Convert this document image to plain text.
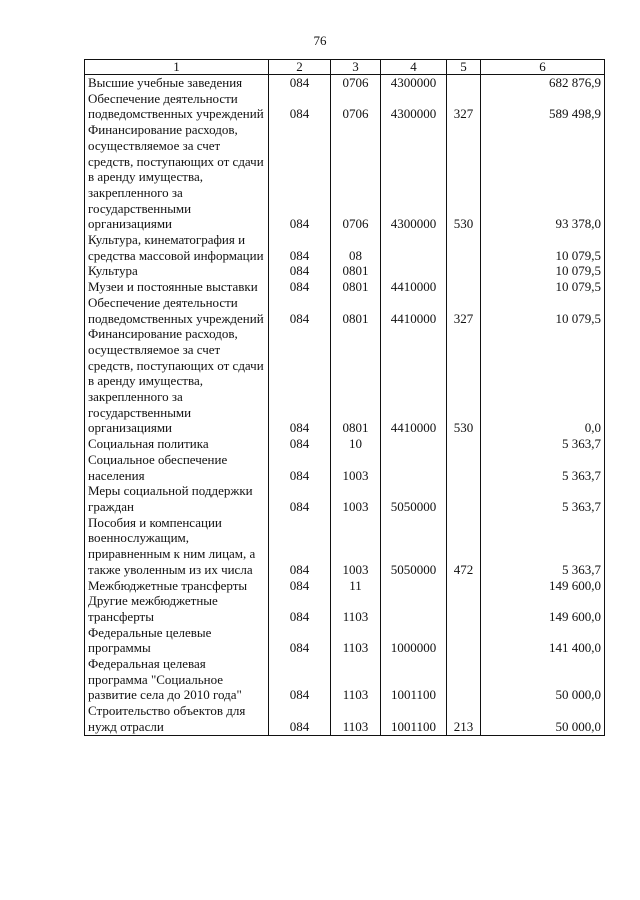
76
1	2	3	4	5	6
Высшие учебные заведения	084	0706	4300000		682 876,9
Обеспечение деятельности подведомственных учреждений	084	0706	4300000	327	589 498,9
Финансирование расходов, осуществляемое за счет средств, поступающих от сдачи в аренду имущества, закрепленного за государственными организациями	084	0706	4300000	530	93 378,0
Культура, кинематография и средства массовой информации	084	08			10 079,5
Культура	084	0801			10 079,5
Музеи и постоянные выставки	084	0801	4410000		10 079,5
Обеспечение деятельности подведомственных учреждений	084	0801	4410000	327	10 079,5
Финансирование расходов, осуществляемое за счет средств, поступающих от сдачи в аренду имущества, закрепленного за государственными организациями	084	0801	4410000	530	0,0
Социальная политика	084	10			5 363,7
Социальное обеспечение населения	084	1003			5 363,7
Меры социальной поддержки граждан	084	1003	5050000		5 363,7
Пособия и компенсации военнослужащим, приравненным к ним лицам, а также уволенным из их числа	084	1003	5050000	472	5 363,7
Межбюджетные трансферты	084	11			149 600,0
Другие межбюджетные трансферты	084	1103			149 600,0
Федеральные целевые программы	084	1103	1000000		141 400,0
Федеральная целевая программа "Социальное развитие села до 2010 года"	084	1103	1001100		50 000,0
Строительство объектов для нужд отрасли	084	1103	1001100	213	50 000,0
